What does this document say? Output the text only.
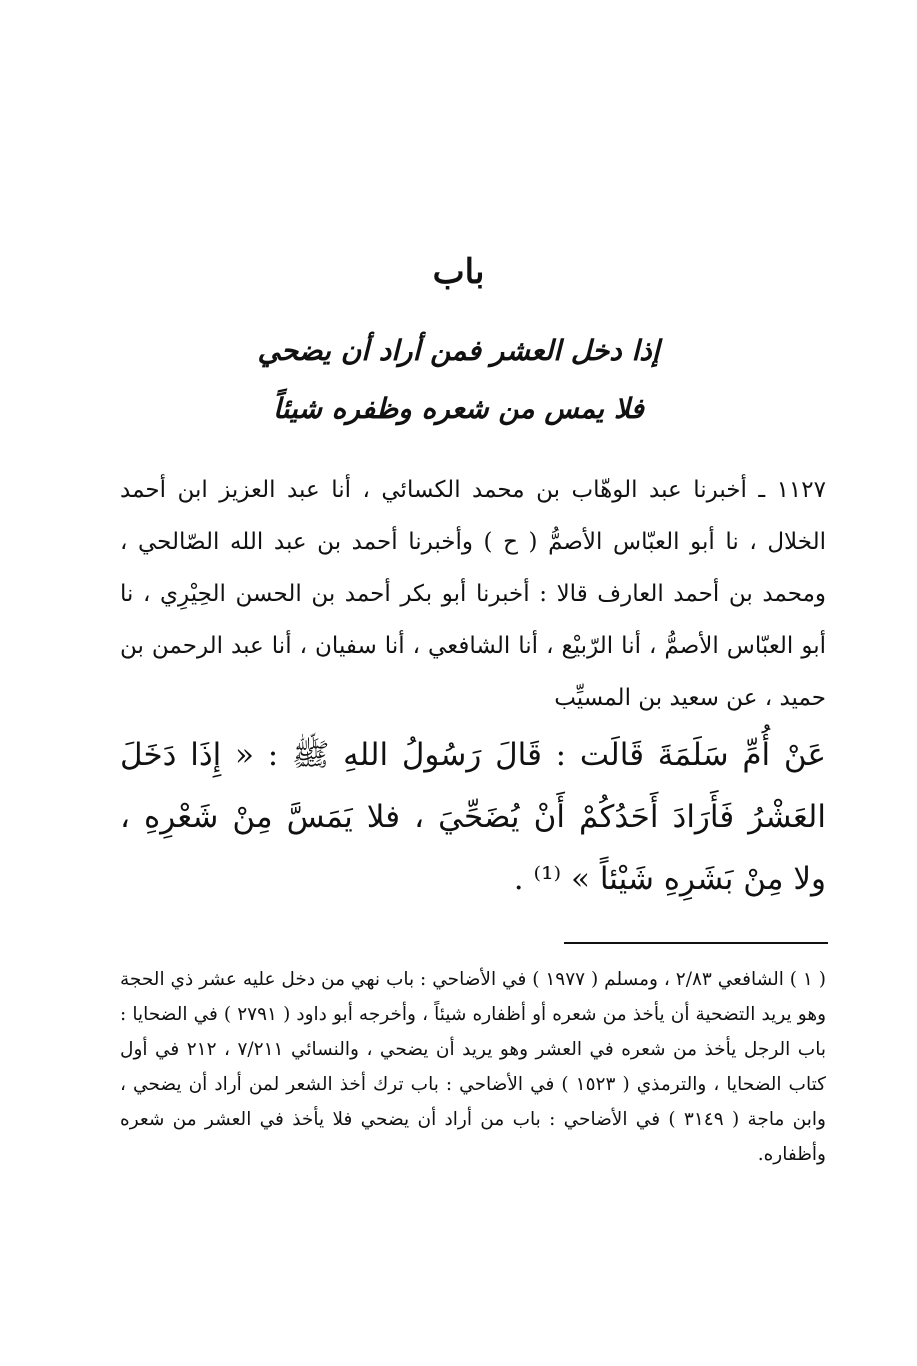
باب
إذا دخل العشر فمن أراد أن يضحي
فلا يمس من شعره وظفره شيئاً

١١٢٧ ـ أخبرنا عبد الوهّاب بن محمد الكسائي ، أنا عبد العزيز ابن أحمد الخلال ، نا أبو العبّاس الأصمُّ ( ح ) وأخبرنا أحمد بن عبد الله الصّالحي ، ومحمد بن أحمد العارف قالا : أخبرنا أبو بكر أحمد بن الحسن الحِيْرِي ، نا أبو العبّاس الأصمُّ ، أنا الرّبيْع ، أنا الشافعي ، أنا سفيان ، أنا عبد الرحمن بن حميد ، عن سعيد بن المسيِّب

عَنْ أُمِّ سَلَمَةَ قَالَت : قَالَ رَسُولُ اللهِ ﷺ : « إِذَا دَخَلَ العَشْرُ فَأَرَادَ أَحَدُكُمْ أَنْ يُضَحِّيَ ، فلا يَمَسَّ مِنْ شَعْرِهِ ، ولا مِنْ بَشَرِهِ شَيْئاً » ⁽¹⁾ .

( ١ ) الشافعي ٢/٨٣ ، ومسلم ( ١٩٧٧ ) في الأضاحي : باب نهي من دخل عليه عشر ذي الحجة وهو يريد التضحية أن يأخذ من شعره أو أظفاره شيئاً ، وأخرجه أبو داود ( ٢٧٩١ ) في الضحايا : باب الرجل يأخذ من شعره في العشر وهو يريد أن يضحي ، والنسائي ٧/٢١١ ، ٢١٢ في أول كتاب الضحايا ، والترمذي ( ١٥٢٣ ) في الأضاحي : باب ترك أخذ الشعر لمن أراد أن يضحي ، وابن ماجة ( ٣١٤٩ ) في الأضاحي : باب من أراد أن يضحي فلا يأخذ في العشر من شعره وأظفاره.
